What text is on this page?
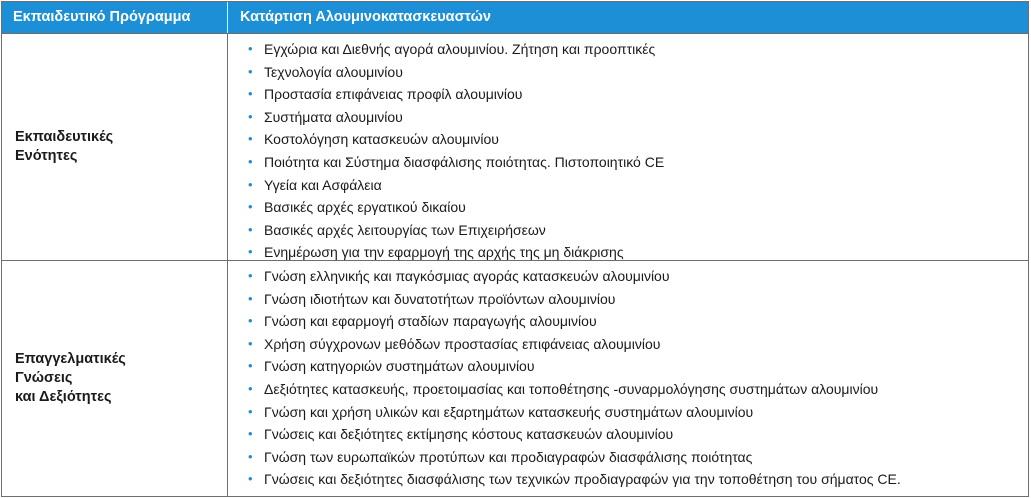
Εκπαιδευτικό Πρόγραμμα	Κατάρτιση Αλουμινοκατασκευαστών
Εκπαιδευτικές
Ενότητες
• Εγχώρια και Διεθνής αγορά αλουμινίου. Ζήτηση και προοπτικές
• Τεχνολογία αλουμινίου
• Προστασία επιφάνειας προφίλ αλουμινίου
• Συστήματα αλουμινίου
• Κοστολόγηση κατασκευών αλουμινίου
• Ποιότητα και Σύστημα διασφάλισης ποιότητας. Πιστοποιητικό CE
• Υγεία και Ασφάλεια
• Βασικές αρχές εργατικού δικαίου
• Βασικές αρχές λειτουργίας των Επιχειρήσεων
• Ενημέρωση για την εφαρμογή της αρχής της μη διάκρισης
Επαγγελματικές
Γνώσεις
και Δεξιότητες
• Γνώση ελληνικής και παγκόσμιας αγοράς κατασκευών αλουμινίου
• Γνώση ιδιοτήτων και δυνατοτήτων προϊόντων αλουμινίου
• Γνώση και εφαρμογή σταδίων παραγωγής αλουμινίου
• Χρήση σύγχρονων μεθόδων προστασίας επιφάνειας αλουμινίου
• Γνώση κατηγοριών συστημάτων αλουμινίου
• Δεξιότητες κατασκευής, προετοιμασίας και τοποθέτησης -συναρμολόγησης συστημάτων αλουμινίου
• Γνώση και χρήση υλικών και εξαρτημάτων κατασκευής συστημάτων αλουμινίου
• Γνώσεις και δεξιότητες εκτίμησης κόστους κατασκευών αλουμινίου
• Γνώση των ευρωπαϊκών προτύπων και προδιαγραφών διασφάλισης ποιότητας
• Γνώσεις και δεξιότητες διασφάλισης των τεχνικών προδιαγραφών για την τοποθέτηση του σήματος CE.
